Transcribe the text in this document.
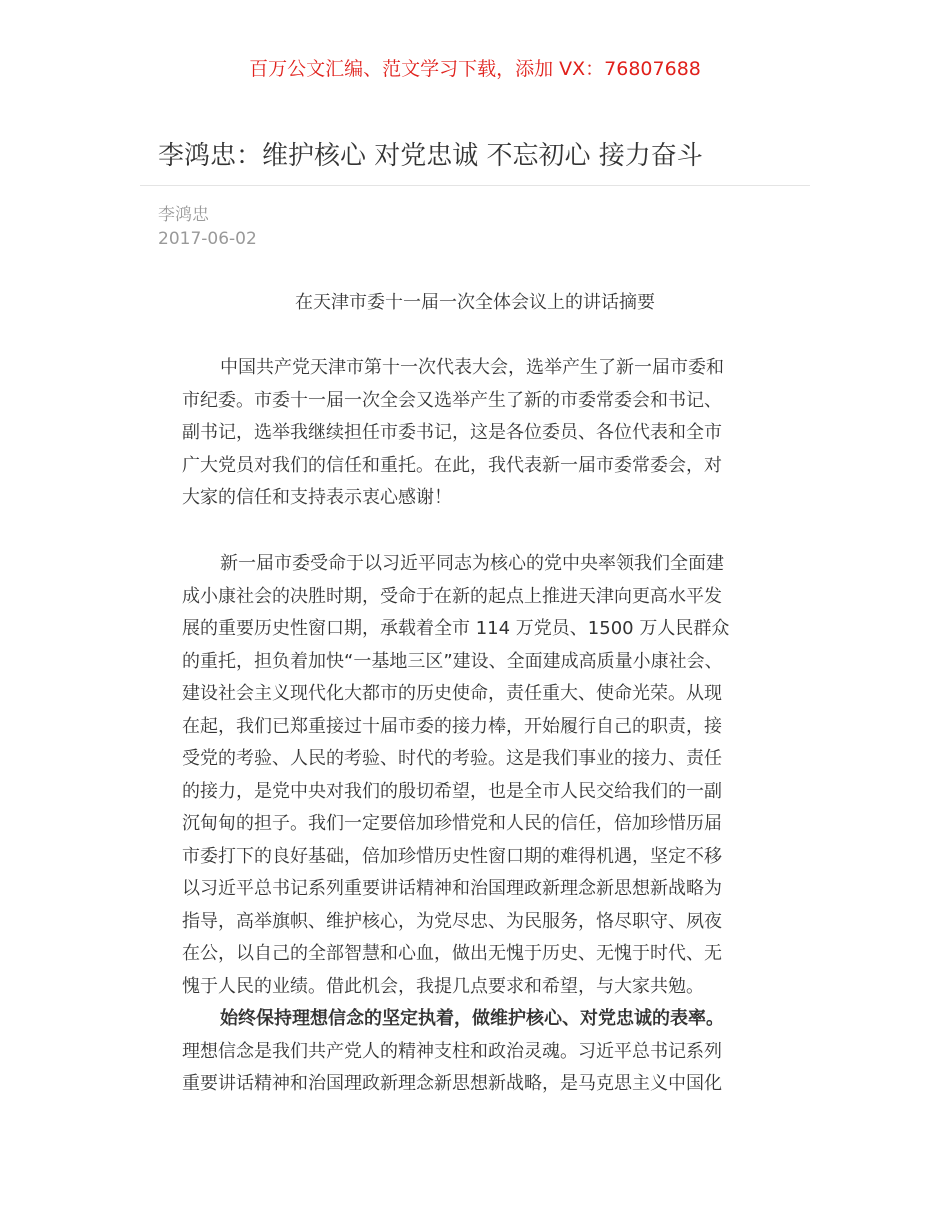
百万公文汇编、范文学习下载，添加 VX：76807688
李鸿忠：维护核心 对党忠诚 不忘初心 接力奋斗
李鸿忠
2017-06-02
在天津市委十一届一次全体会议上的讲话摘要
中国共产党天津市第十一次代表大会，选举产生了新一届市委和
市纪委。市委十一届一次全会又选举产生了新的市委常委会和书记、
副书记，选举我继续担任市委书记，这是各位委员、各位代表和全市
广大党员对我们的信任和重托。在此，我代表新一届市委常委会，对
大家的信任和支持表示衷心感谢！
新一届市委受命于以习近平同志为核心的党中央率领我们全面建
成小康社会的决胜时期，受命于在新的起点上推进天津向更高水平发
展的重要历史性窗口期，承载着全市 114 万党员、1500 万人民群众
的重托，担负着加快“一基地三区”建设、全面建成高质量小康社会、
建设社会主义现代化大都市的历史使命，责任重大、使命光荣。从现
在起，我们已郑重接过十届市委的接力棒，开始履行自己的职责，接
受党的考验、人民的考验、时代的考验。这是我们事业的接力、责任
的接力，是党中央对我们的殷切希望，也是全市人民交给我们的一副
沉甸甸的担子。我们一定要倍加珍惜党和人民的信任，倍加珍惜历届
市委打下的良好基础，倍加珍惜历史性窗口期的难得机遇，坚定不移
以习近平总书记系列重要讲话精神和治国理政新理念新思想新战略为
指导，高举旗帜、维护核心，为党尽忠、为民服务，恪尽职守、夙夜
在公，以自己的全部智慧和心血，做出无愧于历史、无愧于时代、无
愧于人民的业绩。借此机会，我提几点要求和希望，与大家共勉。
始终保持理想信念的坚定执着，做维护核心、对党忠诚的表率。
理想信念是我们共产党人的精神支柱和政治灵魂。习近平总书记系列
重要讲话精神和治国理政新理念新思想新战略，是马克思主义中国化
